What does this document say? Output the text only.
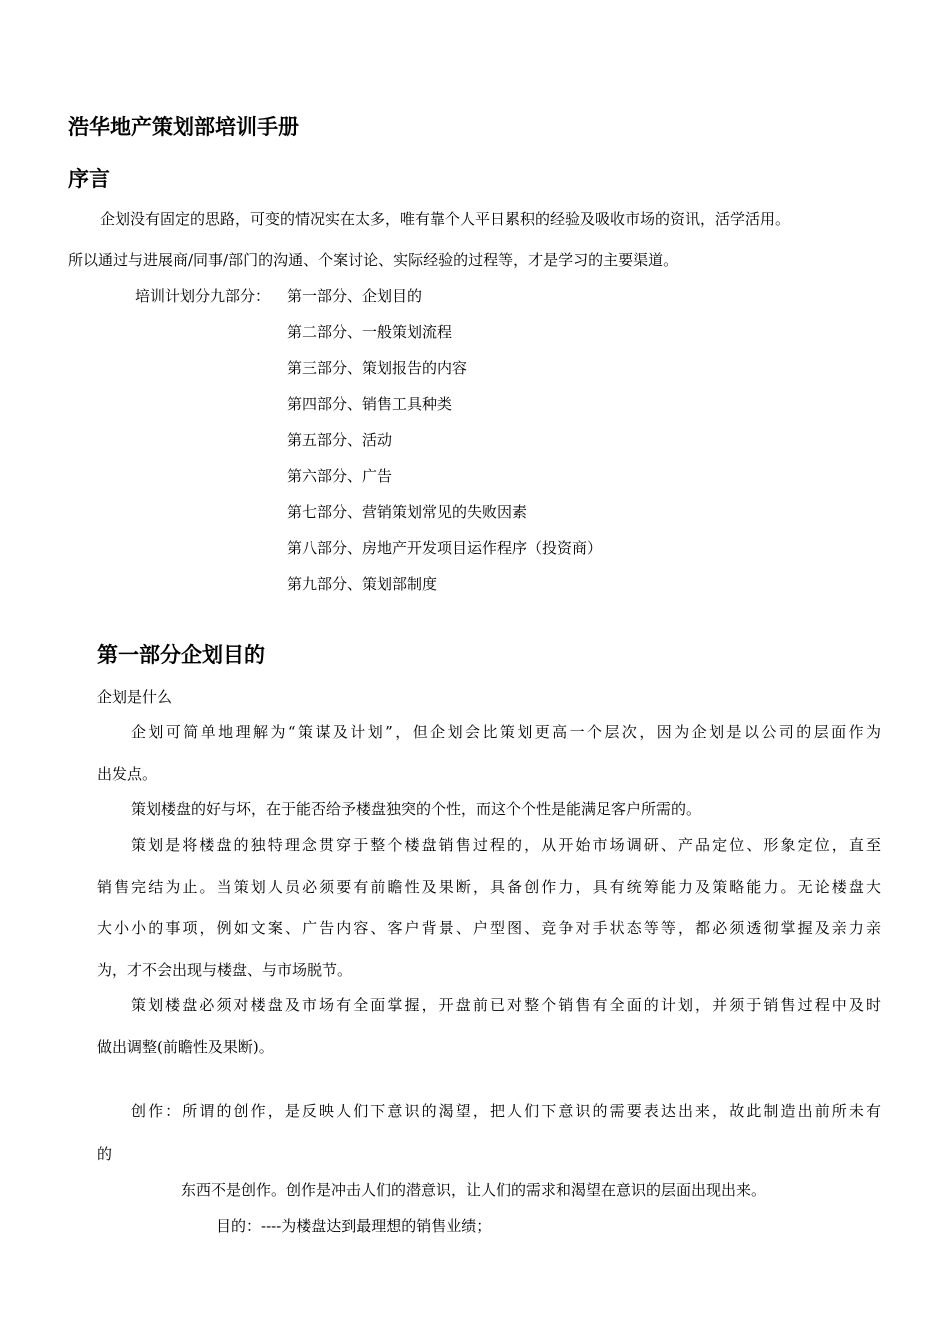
浩华地产策划部培训手册
序言
企划没有固定的思路，可变的情况实在太多，唯有靠个人平日累积的经验及吸收市场的资讯，活学活用。
所以通过与进展商/同事/部门的沟通、个案讨论、实际经验的过程等，才是学习的主要渠道。
培训计划分九部分： 第一部分、企划目的
第二部分、一般策划流程
第三部分、策划报告的内容
第四部分、销售工具种类
第五部分、活动
第六部分、广告
第七部分、营销策划常见的失败因素
第八部分、房地产开发项目运作程序（投资商）
第九部分、策划部制度
第一部分企划目的
企划是什么
企划可简单地理解为“策谋及计划”，但企划会比策划更高一个层次，因为企划是以公司的层面作为
出发点。
策划楼盘的好与坏，在于能否给予楼盘独突的个性，而这个个性是能满足客户所需的。
策划是将楼盘的独特理念贯穿于整个楼盘销售过程的，从开始市场调研、产品定位、形象定位，直至
销售完结为止。当策划人员必须要有前瞻性及果断，具备创作力，具有统筹能力及策略能力。无论楼盘大
大小小的事项，例如文案、广告内容、客户背景、户型图、竞争对手状态等等，都必须透彻掌握及亲力亲
为，才不会出现与楼盘、与市场脱节。
策划楼盘必须对楼盘及市场有全面掌握，开盘前已对整个销售有全面的计划，并须于销售过程中及时
做出调整(前瞻性及果断)。
创作：所谓的创作，是反映人们下意识的渴望，把人们下意识的需要表达出来，故此制造出前所未有
的
东西不是创作。创作是冲击人们的潜意识，让人们的需求和渴望在意识的层面出现出来。
目的：----为楼盘达到最理想的销售业绩；
